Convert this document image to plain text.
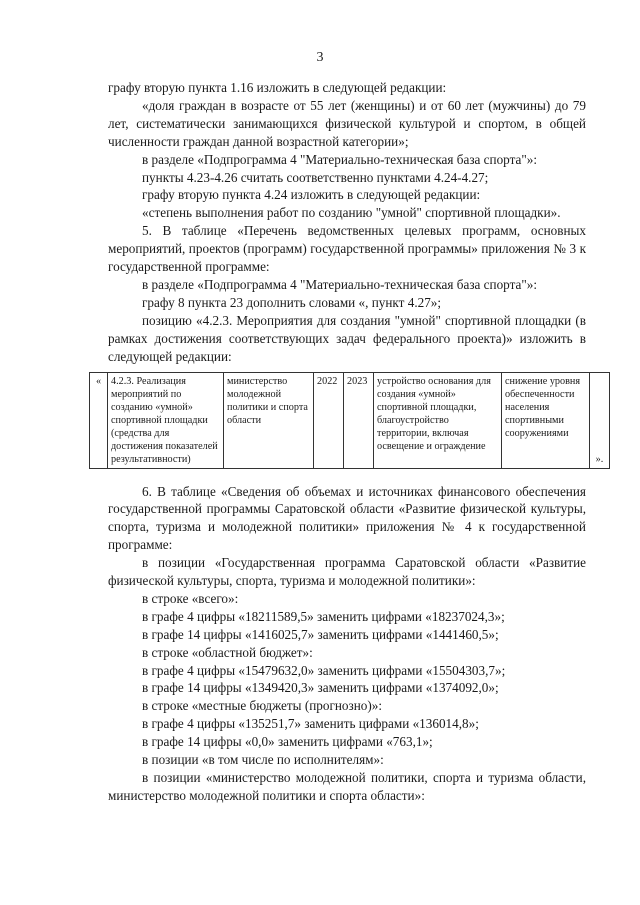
3

графу вторую пункта 1.16 изложить в следующей редакции:

«доля граждан в возрасте от 55 лет (женщины) и от 60 лет (мужчины) до 79 лет, систематически занимающихся физической культурой и спортом, в общей численности граждан данной возрастной категории»;

в разделе «Подпрограмма 4 "Материально-техническая база спорта"»:

пункты 4.23-4.26 считать соответственно пунктами 4.24-4.27;

графу вторую пункта 4.24 изложить в следующей редакции:

«степень выполнения работ по созданию "умной" спортивной площадки».

5. В таблице «Перечень ведомственных целевых программ, основных мероприятий, проектов (программ) государственной программы» приложения № 3 к государственной программе:

в разделе «Подпрограмма 4 "Материально-техническая база спорта"»:

графу 8 пункта 23 дополнить словами «, пункт 4.27»;

позицию «4.2.3. Мероприятия для создания "умной" спортивной площадки (в рамках достижения соответствующих задач федерального проекта)» изложить в следующей редакции:

«	4.2.3. Реализация мероприятий по созданию «умной» спортивной площадки (средства для достижения показателей результативности)	министерство молодежной политики и спорта области	2022	2023	устройство основания для создания «умной» спортивной площадки, благоустройство территории, включая освещение и ограждение	снижение уровня обеспеченности населения спортивными сооружениями	».

6. В таблице «Сведения об объемах и источниках финансового обеспечения государственной программы Саратовской области «Развитие физической культуры, спорта, туризма и молодежной политики» приложения № 4 к государственной программе:

в позиции «Государственная программа Саратовской области «Развитие физической культуры, спорта, туризма и молодежной политики»:

в строке «всего»:

в графе 4 цифры «18211589,5» заменить цифрами «18237024,3»;

в графе 14 цифры «1416025,7» заменить цифрами «1441460,5»;

в строке «областной бюджет»:

в графе 4 цифры «15479632,0» заменить цифрами «15504303,7»;

в графе 14 цифры «1349420,3» заменить цифрами «1374092,0»;

в строке «местные бюджеты (прогнозно)»:

в графе 4 цифры «135251,7» заменить цифрами «136014,8»;

в графе 14 цифры «0,0» заменить цифрами «763,1»;

в позиции «в том числе по исполнителям»:

в позиции «министерство молодежной политики, спорта и туризма области, министерство молодежной политики и спорта области»:
